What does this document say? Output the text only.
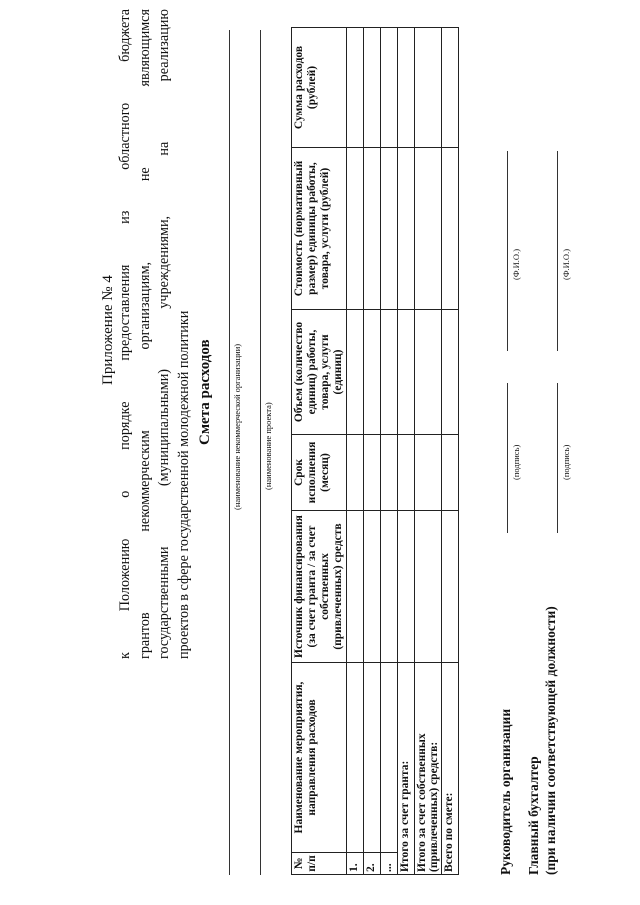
Приложение № 4 к Положению о порядке предоставления из областного бюджета грантов некоммерческим организациям, не являющимся государственными (муниципальными) учреждениями, на реализацию проектов в сфере государственной молодежной политики Смета расходов (наименование некоммерческой организации) (наименование проекта)
№ п/п	Наименование мероприятия, направления расходов	Источник финансирования (за счет гранта / за счет собственных (привлеченных) средств	Срок исполнения (месяц)	Объем (количество единиц) работы, товара, услуги (единиц)	Стоимость (нормативный размер) единицы работы, товара, услуги (рублей)	Сумма расходов (рублей)
1.						
2.						
...						
Итого за счет гранта:						
Итого за счет собственных (привлеченных) средств:						
Всего по смете:							Руководитель организации
(подпись)
(Ф.И.О.)
Главный бухгалтер (при наличии соответствующей должности)
(подпись)
(Ф.И.О.)
